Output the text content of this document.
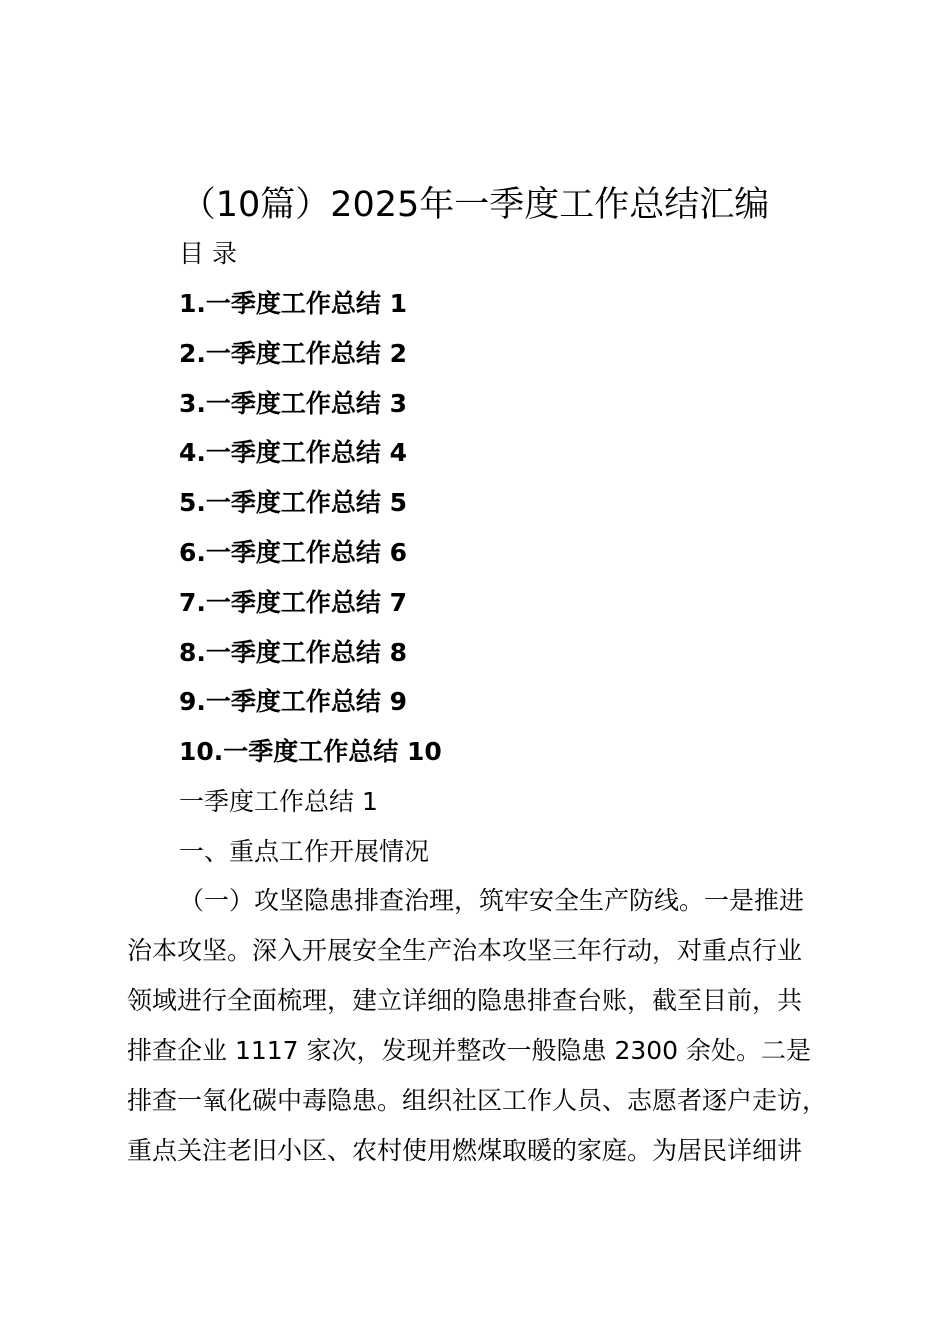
（10篇）2025年一季度工作总结汇编
目 录
1.一季度工作总结 1
2.一季度工作总结 2
3.一季度工作总结 3
4.一季度工作总结 4
5.一季度工作总结 5
6.一季度工作总结 6
7.一季度工作总结 7
8.一季度工作总结 8
9.一季度工作总结 9
10.一季度工作总结 10
一季度工作总结 1
一、重点工作开展情况
（一）攻坚隐患排查治理，筑牢安全生产防线。一是推进
治本攻坚。深入开展安全生产治本攻坚三年行动，对重点行业
领域进行全面梳理，建立详细的隐患排查台账，截至目前，共
排查企业 1117 家次，发现并整改一般隐患 2300 余处。二是
排查一氧化碳中毒隐患。组织社区工作人员、志愿者逐户走访，
重点关注老旧小区、农村使用燃煤取暖的家庭。为居民详细讲
